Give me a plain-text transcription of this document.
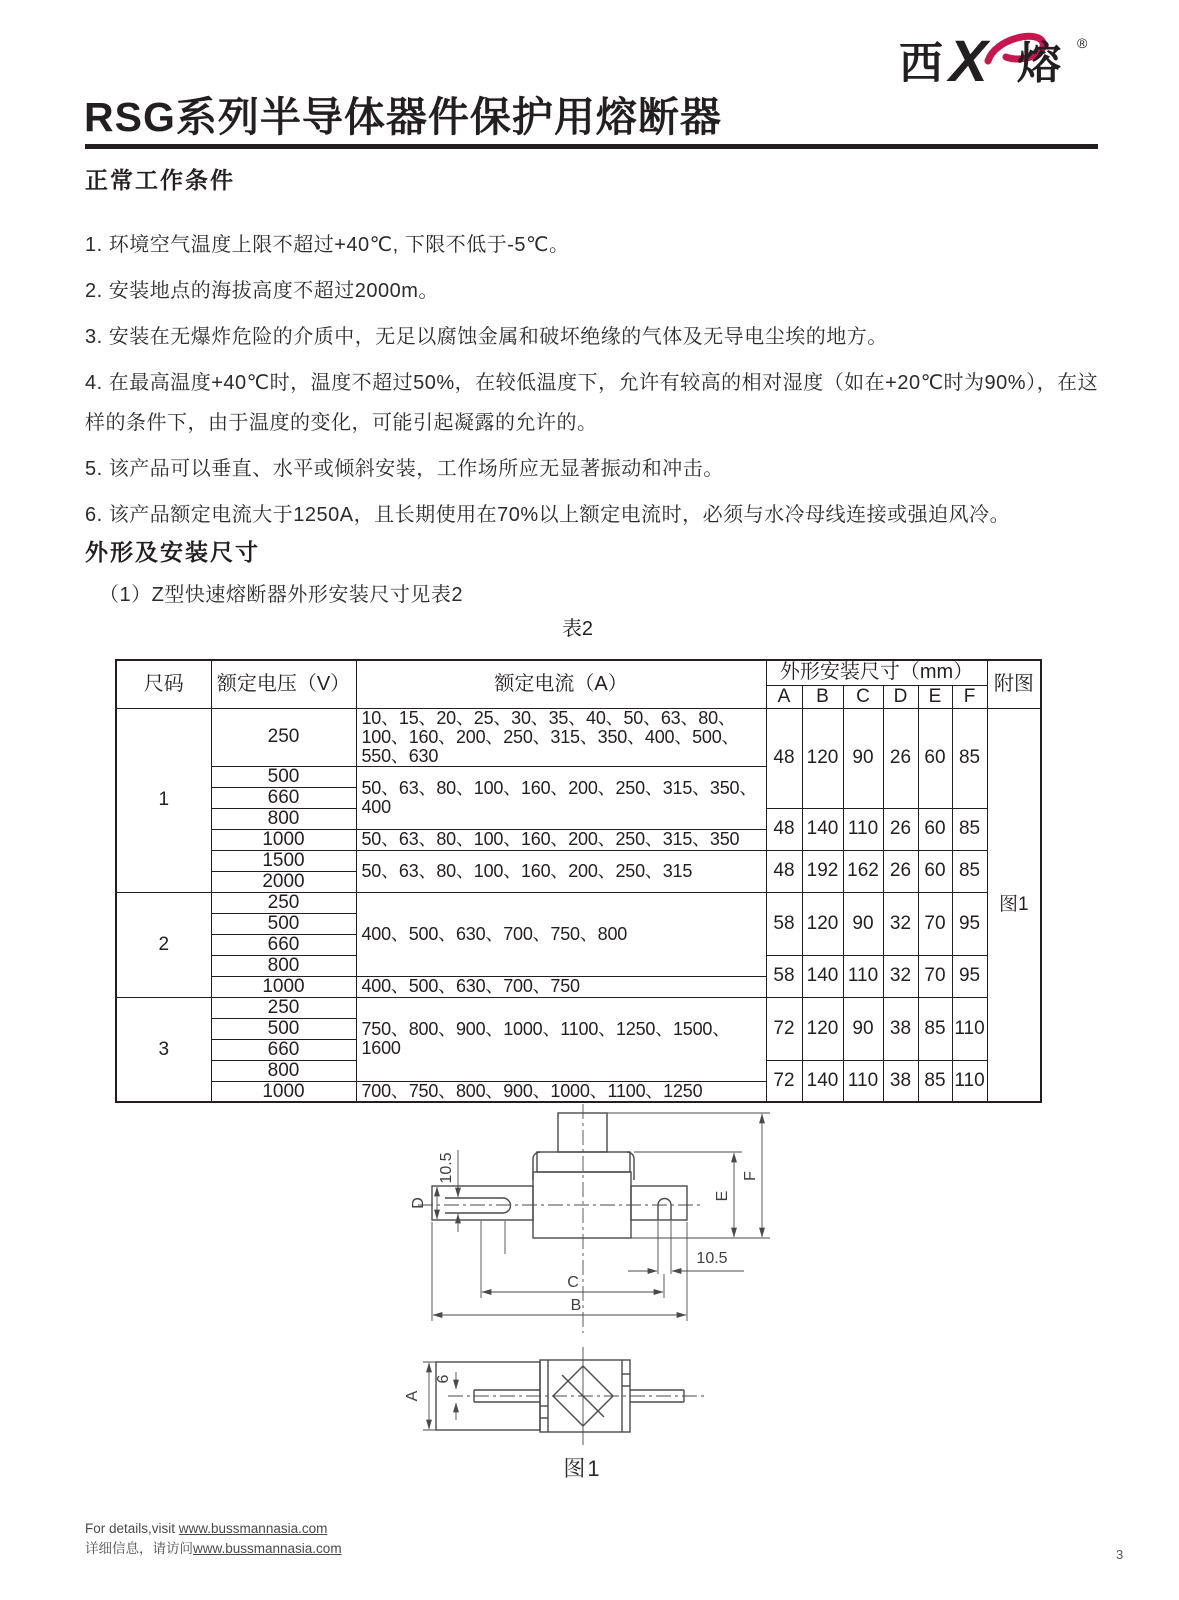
西 X 熔 ®
RSG系列半导体器件保护用熔断器
正常工作条件

1. 环境空气温度上限不超过+40℃, 下限不低于-5℃。

2. 安装地点的海拔高度不超过2000m。

3. 安装在无爆炸危险的介质中，无足以腐蚀金属和破坏绝缘的气体及无导电尘埃的地方。

4. 在最高温度+40℃时，温度不超过50%，在较低温度下，允许有较高的相对湿度（如在+20℃时为90%），在这样的条件下，由于温度的变化，可能引起凝露的允许的。

5. 该产品可以垂直、水平或倾斜安装，工作场所应无显著振动和冲击。

6. 该产品额定电流大于1250A，且长期使用在70%以上额定电流时，必须与水冷母线连接或强迫风冷。

外形及安装尺寸
（1）Z型快速熔断器外形安装尺寸见表2
表2
尺码	额定电压（V）	额定电流（A）	外形安装尺寸（mm）						附图
			A	B	C	D	E	F	
1	250	10、15、20、25、30、35、40、50、63、80、100、160、200、250、315、350、400、500、550、630	48	120	90	26	60	85	图1
	500	50、63、80、100、160、200、250、315、350、400							
	660								
	800		48	140	110	26	60	85	
	1000	50、63、80、100、160、200、250、315、350							
	1500	50、63、80、100、160、200、250、315	48	192	162	26	60	85	
	2000								
2	250	400、500、630、700、750、800	58	120	90	32	70	95	
	500								
	660								
	800		58	140	110	32	70	95	
	1000	400、500、630、700、750							
3	250	750、800、900、1000、1100、1250、1500、1600	72	120	90	38	85	110	
	500								
	660								
	800		72	140	110	38	85	110	
	1000	700、750、800、900、1000、1100、1250							
10.5
D
E
F
10.5
C
B
A
6
图1
For details,visit www.bussmannasia.com
详细信息，请访问www.bussmannasia.com	3
